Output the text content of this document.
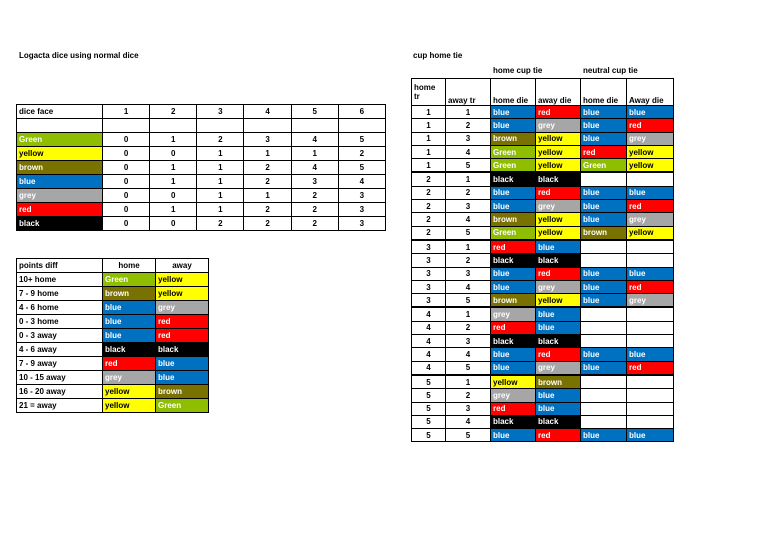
Logacta dice using normal dice	cup home tie
home cup tie	neutral cup tie
dice face	1	2	3	4	5	6

Green	0	1	2	3	4	5
yellow	0	0	1	1	1	2
brown	0	1	1	2	4	5
blue	0	1	1	2	3	4
grey	0	0	1	1	2	3
red	0	1	1	2	2	3
black	0	0	2	2	2	3
points diff	home	away
10+ home	Green	yellow
7 - 9 home	brown	yellow
4 - 6 home	blue	grey
0 - 3 home	blue	red
0 - 3 away	blue	red
4 - 6 away	black	black
7 - 9 away	red	blue
10 - 15 away	grey	blue
16 - 20 away	yellow	brown
21 = away	yellow	Green
home tr	away tr	home die	away die	home die	Away die
1	1	blue	red	blue	blue
1	2	blue	grey	blue	red
1	3	brown	yellow	blue	grey
1	4	Green	yellow	red	yellow
1	5	Green	yellow	Green	yellow
2	1	black	black		
2	2	blue	red	blue	blue
2	3	blue	grey	blue	red
2	4	brown	yellow	blue	grey
2	5	Green	yellow	brown	yellow
3	1	red	blue		
3	2	black	black		
3	3	blue	red	blue	blue
3	4	blue	grey	blue	red
3	5	brown	yellow	blue	grey
4	1	grey	blue		
4	2	red	blue		
4	3	black	black		
4	4	blue	red	blue	blue
4	5	blue	grey	blue	red
5	1	yellow	brown		
5	2	grey	blue		
5	3	red	blue		
5	4	black	black		
5	5	blue	red	blue	blue
